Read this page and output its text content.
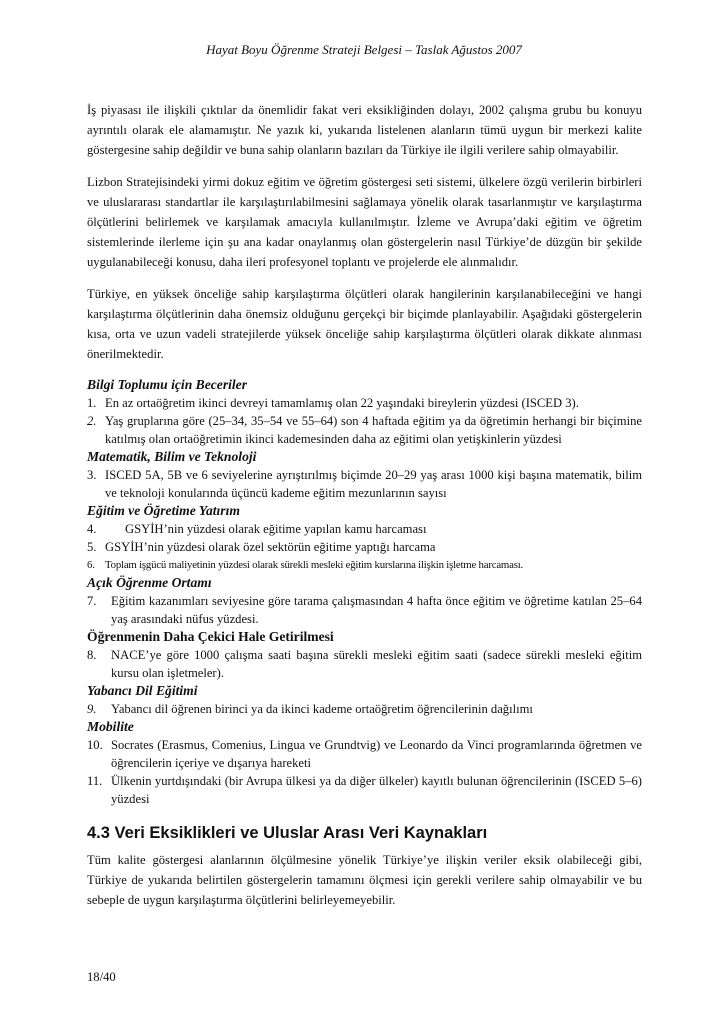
Hayat Boyu Öğrenme Strateji Belgesi – Taslak Ağustos 2007

İş piyasası ile ilişkili çıktılar da önemlidir fakat veri eksikliğinden dolayı, 2002 çalışma grubu bu konuyu ayrıntılı olarak ele alamamıştır. Ne yazık ki, yukarıda listelenen alanların tümü uygun bir merkezi kalite göstergesine sahip değildir ve buna sahip olanların bazıları da Türkiye ile ilgili verilere sahip olmayabilir.

Lizbon Stratejisindeki yirmi dokuz eğitim ve öğretim göstergesi seti sistemi, ülkelere özgü verilerin birbirleri ve uluslararası standartlar ile karşılaştırılabilmesini sağlamaya yönelik olarak tasarlanmıştır ve karşılaştırma ölçütlerini belirlemek ve karşılamak amacıyla kullanılmıştır. İzleme ve Avrupa’daki eğitim ve öğretim sistemlerinde ilerleme için şu ana kadar onaylanmış olan göstergelerin nasıl Türkiye’de düzgün bir şekilde uygulanabileceği konusu, daha ileri profesyonel toplantı ve projelerde ele alınmalıdır.

Türkiye, en yüksek önceliğe sahip karşılaştırma ölçütleri olarak hangilerinin karşılanabileceğini ve hangi karşılaştırma ölçütlerinin daha önemsiz olduğunu gerçekçi bir biçimde planlayabilir. Aşağıdaki göstergelerin kısa, orta ve uzun vadeli stratejilerde yüksek önceliğe sahip karşılaştırma ölçütleri olarak dikkate alınması önerilmektedir.

Bilgi Toplumu için Beceriler
1. En az ortaöğretim ikinci devreyi tamamlamış olan 22 yaşındaki bireylerin yüzdesi (ISCED 3).
2. Yaş gruplarına göre (25–34, 35–54 ve 55–64) son 4 haftada eğitim ya da öğretimin herhangi bir biçimine katılmış olan ortaöğretimin ikinci kademesinden daha az eğitimi olan yetişkinlerin yüzdesi
Matematik, Bilim ve Teknoloji
3. ISCED 5A, 5B ve 6 seviyelerine ayrıştırılmış biçimde 20–29 yaş arası 1000 kişi başına matematik, bilim ve teknoloji konularında üçüncü kademe eğitim mezunlarının sayısı
Eğitim ve Öğretime Yatırım
4.	GSYİH’nin yüzdesi olarak eğitime yapılan kamu harcaması
5. GSYİH’nin yüzdesi olarak özel sektörün eğitime yaptığı harcama
6. Toplam işgücü maliyetinin yüzdesi olarak sürekli mesleki eğitim kurslarına ilişkin işletme harcaması.
Açık Öğrenme Ortamı
7.	Eğitim kazanımları seviyesine göre tarama çalışmasından 4 hafta önce eğitim ve öğretime katılan 25–64 yaş arasındaki nüfus yüzdesi.
Öğrenmenin Daha Çekici Hale Getirilmesi
8.	NACE’ye göre 1000 çalışma saati başına sürekli mesleki eğitim saati (sadece sürekli mesleki eğitim kursu olan işletmeler).
Yabancı Dil Eğitimi
9.	Yabancı dil öğrenen birinci ya da ikinci kademe ortaöğretim öğrencilerinin dağılımı
Mobilite
10. Socrates (Erasmus, Comenius, Lingua ve Grundtvig) ve Leonardo da Vinci programlarında öğretmen ve öğrencilerin içeriye ve dışarıya hareketi
11. Ülkenin yurtdışındaki (bir Avrupa ülkesi ya da diğer ülkeler) kayıtlı bulunan öğrencilerinin (ISCED 5–6) yüzdesi
4.3 Veri Eksiklikleri ve Uluslar Arası Veri Kaynakları

Tüm kalite göstergesi alanlarının ölçülmesine yönelik Türkiye’ye ilişkin veriler eksik olabileceği gibi, Türkiye de yukarıda belirtilen göstergelerin tamamını ölçmesi için gerekli verilere sahip olmayabilir ve bu sebeple de uygun karşılaştırma ölçütlerini belirleyemeyebilir.

18/40
